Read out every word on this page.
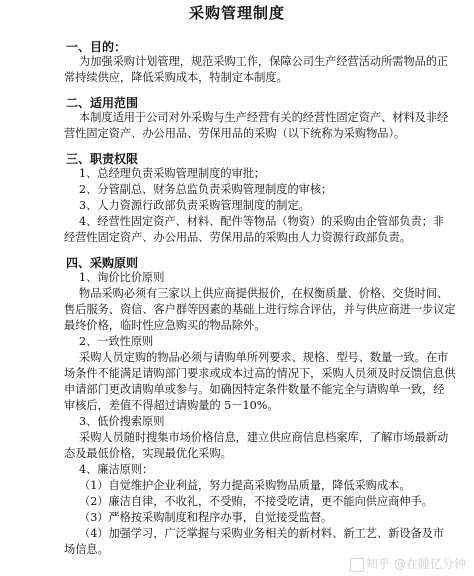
采购管理制度
一、目的：
为加强采购计划管理，规范采购工作，保障公司生产经营活动所需物品的正
常持续供应，降低采购成本，特制定本制度。
二、适用范围
本制度适用于公司对外采购与生产经营有关的经营性固定资产、材料及非经
营性固定资产、办公用品、劳保用品的采购（以下统称为采购物品）。
三、职责权限
1、总经理负责采购管理制度的审批；
2、分管副总、财务总监负责采购管理制度的审核；
3、人力资源行政部负责采购管理制度的制定。
4、经营性固定资产、材料、配件等物品（物资）的采购由企管部负责；非
经营性固定资产、办公用品、劳保用品的采购由人力资源行政部负责。
四、采购原则
1、询价比价原则
物品采购必须有三家以上供应商提供报价，在权衡质量、价格、交货时间、
售后服务、资信、客户群等因素的基础上进行综合评估，并与供应商进一步议定
最终价格，临时性应急购买的物品除外。
2、一致性原则
采购人员定购的物品必须与请购单所列要求、规格、型号、数量一致。在市
场条件不能满足请购部门要求或成本过高的情况下，采购人员须及时反馈信息供
申请部门更改请购单或参与。如确因特定条件数量不能完全与请购单一致，经
审核后，差值不得超过请购量的 5－10%。
3、低价搜索原则
采购人员随时搜集市场价格信息，建立供应商信息档案库，了解市场最新动
态及最低价格，实现最优化采购。
4、廉洁原则：
（1）自觉维护企业利益，努力提高采购物品质量，降低采购成本。
（2）廉洁自律，不收礼，不受贿，不接受吃请，更不能向供应商伸手。
（3）严格按采购制度和程序办事，自觉接受监督。
（4）加强学习，广泛掌握与采购业务相关的新材料、新工艺、新设备及市
场信息。
知乎 @在睡亿分钟
